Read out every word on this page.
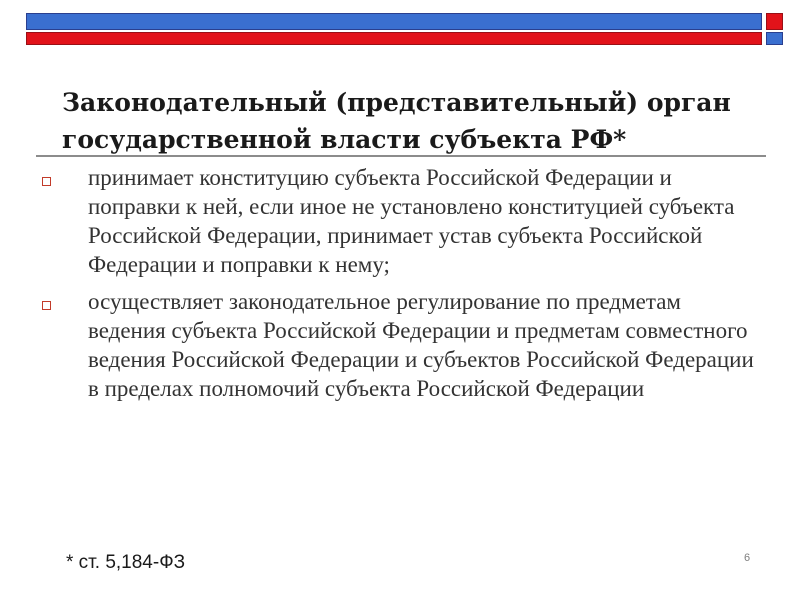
Законодательный (представительный) орган государственной власти субъекта РФ*
принимает конституцию субъекта Российской Федерации и поправки к ней, если иное не установлено конституцией субъекта Российской Федерации, принимает устав субъекта Российской Федерации и поправки к нему;
осуществляет законодательное регулирование по предметам ведения субъекта Российской Федерации и предметам совместного ведения Российской Федерации и субъектов Российской Федерации в пределах полномочий субъекта Российской Федерации
* ст. 5,184-ФЗ	6
